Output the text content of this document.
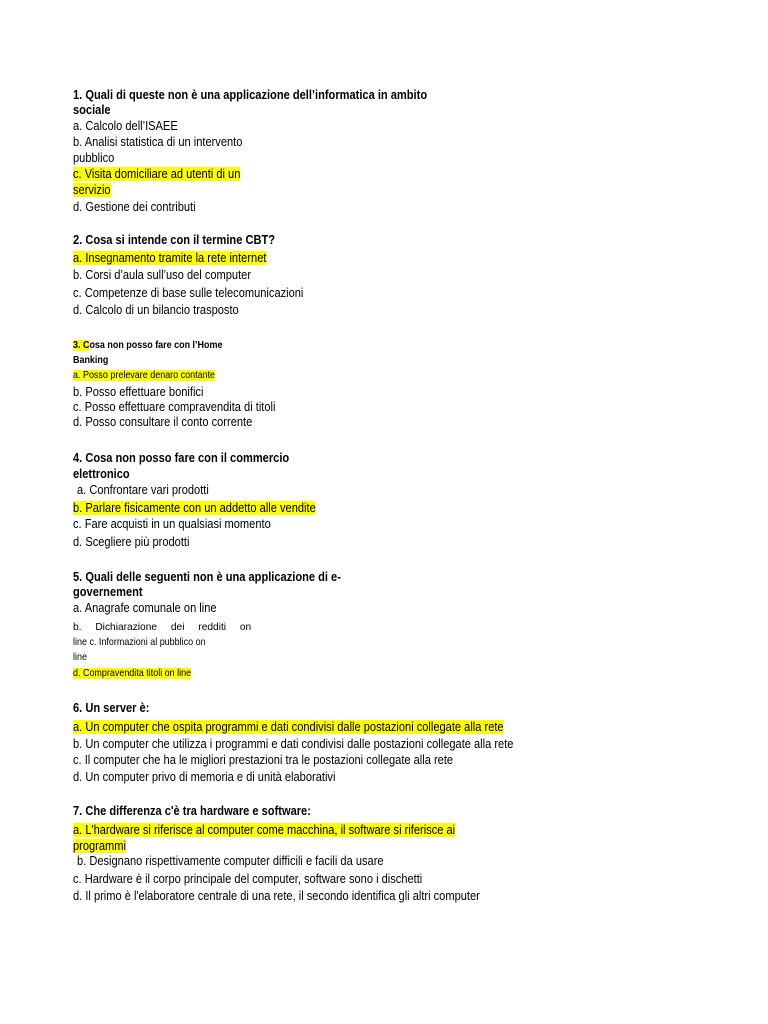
1. Quali di queste non è una applicazione dell’informatica in ambito
sociale
a. Calcolo dell’ISAEE
b. Analisi statistica di un intervento
pubblico
c. Visita domiciliare ad utenti di un
servizio
d. Gestione dei contributi
2. Cosa si intende con il termine CBT?
a. Insegnamento tramite la rete internet
b. Corsi d’aula sull’uso del computer
c. Competenze di base sulle telecomunicazioni
d. Calcolo di un bilancio trasposto
3. Cosa non posso fare con l’Home
Banking
a. Posso prelevare denaro contante
b. Posso effettuare bonifici
c. Posso effettuare compravendita di titoli
d. Posso consultare il conto corrente
4. Cosa non posso fare con il commercio
elettronico
a. Confrontare vari prodotti
b. Parlare fisicamente con un addetto alle vendite
c. Fare acquisti in un qualsiasi momento
d. Scegliere più prodotti
5. Quali delle seguenti non è una applicazione di e-
governement
a. Anagrafe comunale on line
b. Dichiarazione dei redditi on
line c. Informazioni al pubblico on
line
d. Compravendita titoli on line
6. Un server è:
a. Un computer che ospita programmi e dati condivisi dalle postazioni collegate alla rete
b. Un computer che utilizza i programmi e dati condivisi dalle postazioni collegate alla rete
c. Il computer che ha le migliori prestazioni tra le postazioni collegate alla rete
d. Un computer privo di memoria e di unità elaborativi
7. Che differenza c'è tra hardware e software:
a. L'hardware si riferisce al computer come macchina, il software si riferisce ai
programmi
b. Designano rispettivamente computer difficili e facili da usare
c. Hardware è il corpo principale del computer, software sono i dischetti
d. Il primo è l'elaboratore centrale di una rete, il secondo identifica gli altri computer
